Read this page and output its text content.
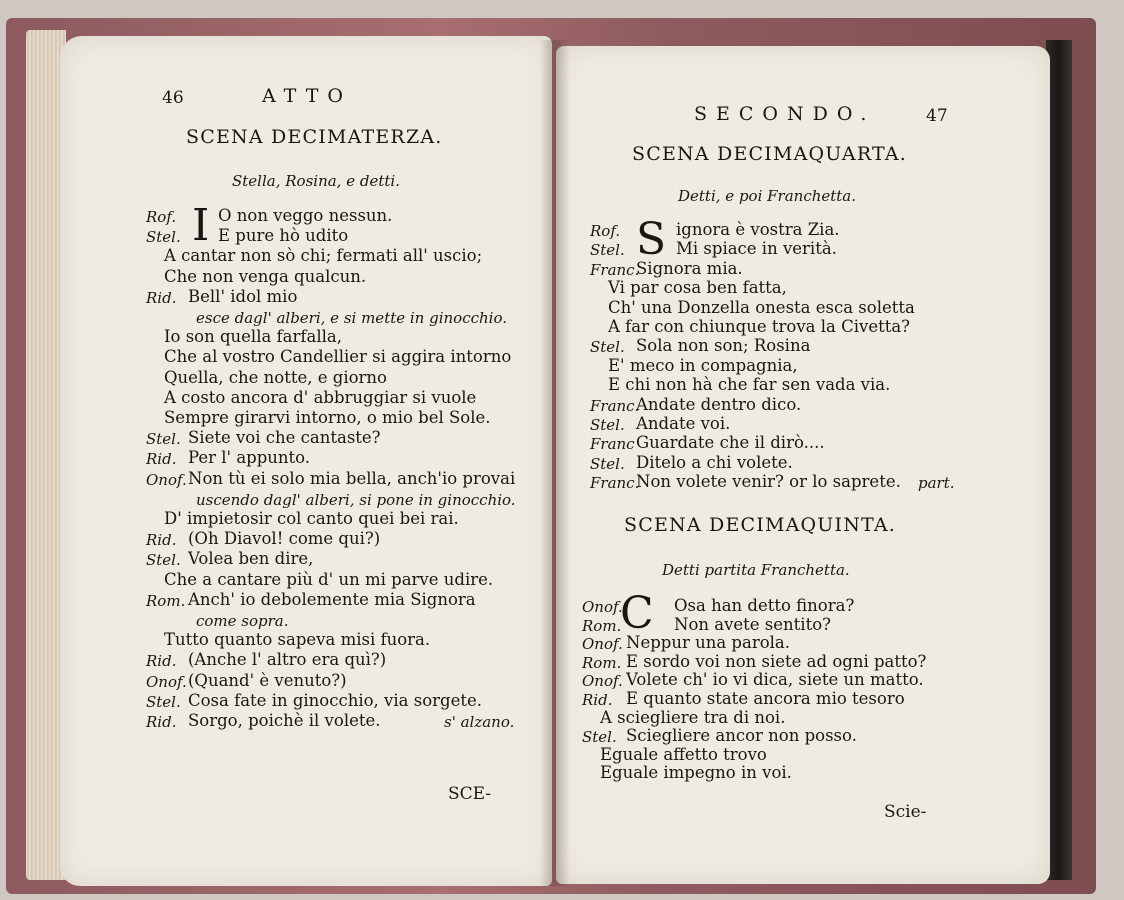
46	ATTO
SCENA DECIMATERZA.
Stella, Rosina, e detti.
I
Rof.	O non veggo nessun.
Stel. E pure hò udito
A cantar non sò chi; fermati all' uscio;
Che non venga qualcun.
Rid. Bell' idol mio
esce dagl' alberi, e si mette in ginocchio.
Io son quella farfalla,
Che al vostro Candellier si aggira intorno
Quella, che notte, e giorno
A costo ancora d' abbruggiar si vuole
Sempre girarvi intorno, o mio bel Sole.
Stel. Siete voi che cantaste?
Rid. Per l' appunto.
Onof. Non tù ei solo mia bella, anch'io provai
uscendo dagl' alberi, si pone in ginocchio.
D' impietosir col canto quei bei rai.
Rid. (Oh Diavol! come qui?)
Stel. Volea ben dire,
Che a cantare più d' un mi parve udire.
Rom. Anch' io debolemente mia Signora
come sopra.
Tutto quanto sapeva misi fuora.
Rid. (Anche l' altro era quì?)
Onof. (Quand' è venuto?)
Stel. Cosa fate in ginocchio, via sorgete.
Rid. Sorgo, poichè il volete.	s' alzano.
SCE-
SECONDO.	47
SCENA DECIMAQUARTA.
Detti, e poi Franchetta.
S
Rof.	ignora è vostra Zia.
Stel.	Mi spiace in verità.
Franc.
Signora mia.
Vi par cosa ben fatta,
Ch' una Donzella onesta esca soletta
A far con chiunque trova la Civetta?
Stel. Sola non son; Rosina
E' meco in compagnia,
E chi non hà che far sen vada via.
Franc.
Andate dentro dico.
Stel. Andate voi.
Franc Guardate che il dirò....
Stel. Ditelo a chi volete.
Franc.
Non volete venir? or lo saprete. part.
SCENA DECIMAQUINTA.
Detti partita Franchetta.
C
Onof.	Osa han detto finora?
Rom.	Non avete sentito?
Onof. Neppur una parola.
Rom. E sordo voi non siete ad ogni patto?
Onof. Volete ch' io vi dica, siete un matto.
Rid. E quanto state ancora mio tesoro
A sciegliere tra di noi.
Stel. Sciegliere ancor non posso.
Eguale affetto trovo
Eguale impegno in voi.
Scie-
